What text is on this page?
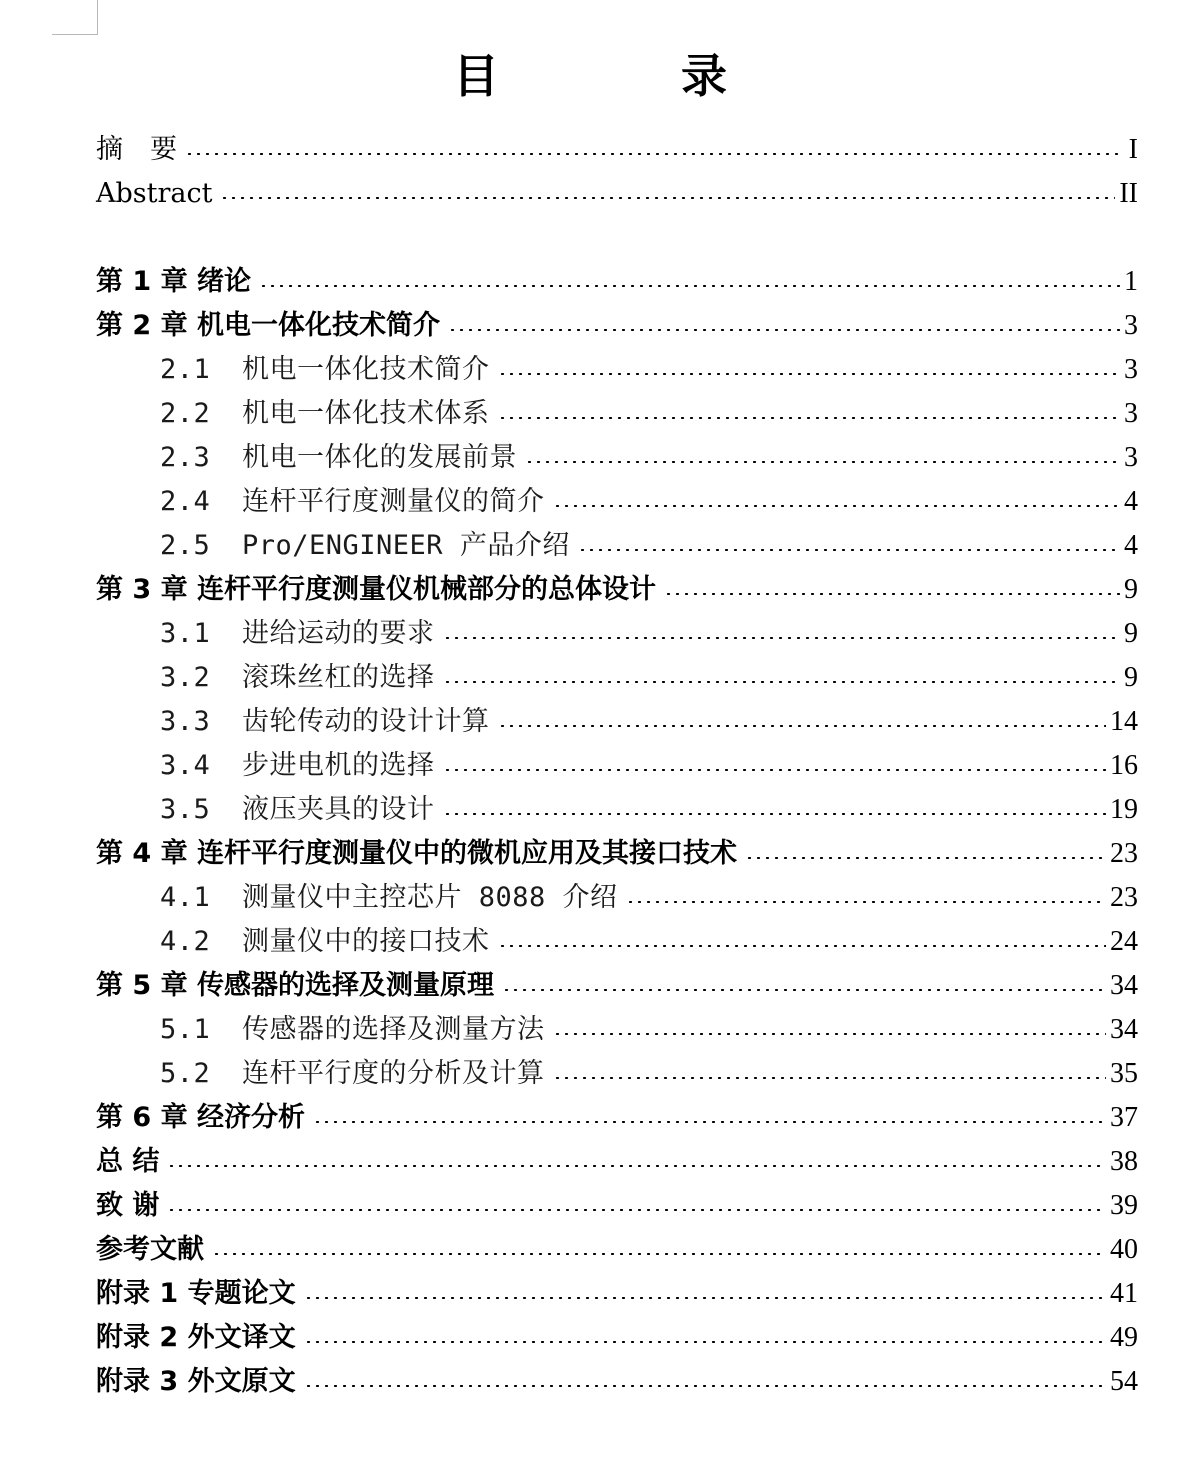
目　录
摘　要	I
Abstract	II
第 1 章 绪论	1
第 2 章 机电一体化技术简介	3
2.1 机电一体化技术简介	3
2.2 机电一体化技术体系	3
2.3 机电一体化的发展前景	3
2.4 连杆平行度测量仪的简介	4
2.5 Pro/ENGINEER 产品介绍	4
第 3 章 连杆平行度测量仪机械部分的总体设计	9
3.1 进给运动的要求	9
3.2 滚珠丝杠的选择	9
3.3 齿轮传动的设计计算	14
3.4 步进电机的选择	16
3.5 液压夹具的设计	19
第 4 章 连杆平行度测量仪中的微机应用及其接口技术	23
4.1 测量仪中主控芯片 8088 介绍	23
4.2 测量仪中的接口技术	24
第 5 章 传感器的选择及测量原理	34
5.1 传感器的选择及测量方法	34
5.2 连杆平行度的分析及计算	35
第 6 章 经济分析	37
总 结	38
致 谢	39
参考文献	40
附录 1 专题论文	41
附录 2 外文译文	49
附录 3 外文原文	54
